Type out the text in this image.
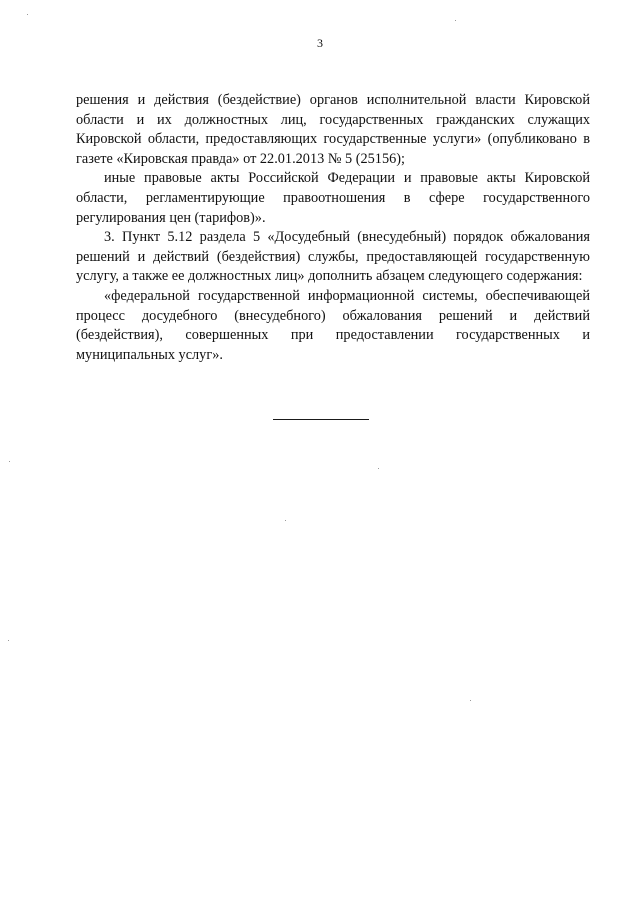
3

решения и действия (бездействие) органов исполнительной власти Кировской области и их должностных лиц, государственных гражданских служащих Кировской области, предоставляющих государственные услуги» (опубликовано в газете «Кировская правда» от 22.01.2013 № 5 (25156);

иные правовые акты Российской Федерации и правовые акты Кировской области, регламентирующие правоотношения в сфере государственного регулирования цен (тарифов)».

3. Пункт 5.12 раздела 5 «Досудебный (внесудебный) порядок обжалования решений и действий (бездействия) службы, предоставляющей государственную услугу, а также ее должностных лиц» дополнить абзацем следующего содержания:

«федеральной государственной информационной системы, обеспечивающей процесс досудебного (внесудебного) обжалования решений и действий (бездействия), совершенных при предоставлении государственных и муниципальных услуг».
